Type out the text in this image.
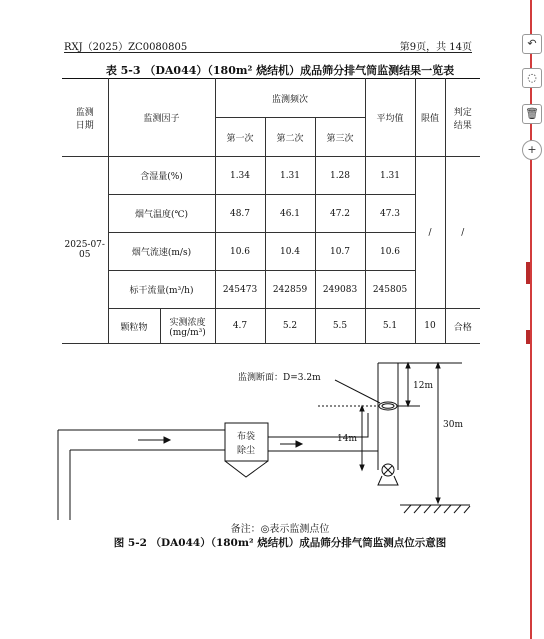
RXJ（2025）ZC0080805	第9页，共 14页
表 5-3 （DA044）（180m² 烧结机）成品筛分排气筒监测结果一览表
监测
日期	监测因子		监测频次			平均值	限值	判定
结果
			第一次	第二次	第三次			
2025-07-05	含湿量(%)		1.34	1.31	1.28	1.31	/	/
	烟气温度(℃)		48.7	46.1	47.2	47.3		
	烟气流速(m/s)		10.6	10.4	10.7	10.6		
	标干流量(m³/h)		245473	242859	249083	245805		
	颗粒物	实测浓度
(mg/m³)	4.7	5.2	5.5	5.1	10	合格
布袋
除尘
监测断面：D=3.2m
12m
14m
30m
备注：◎表示监测点位
图 5-2 （DA044）（180m² 烧结机）成品筛分排气筒监测点位示意图
↶
◌
🗑
+
